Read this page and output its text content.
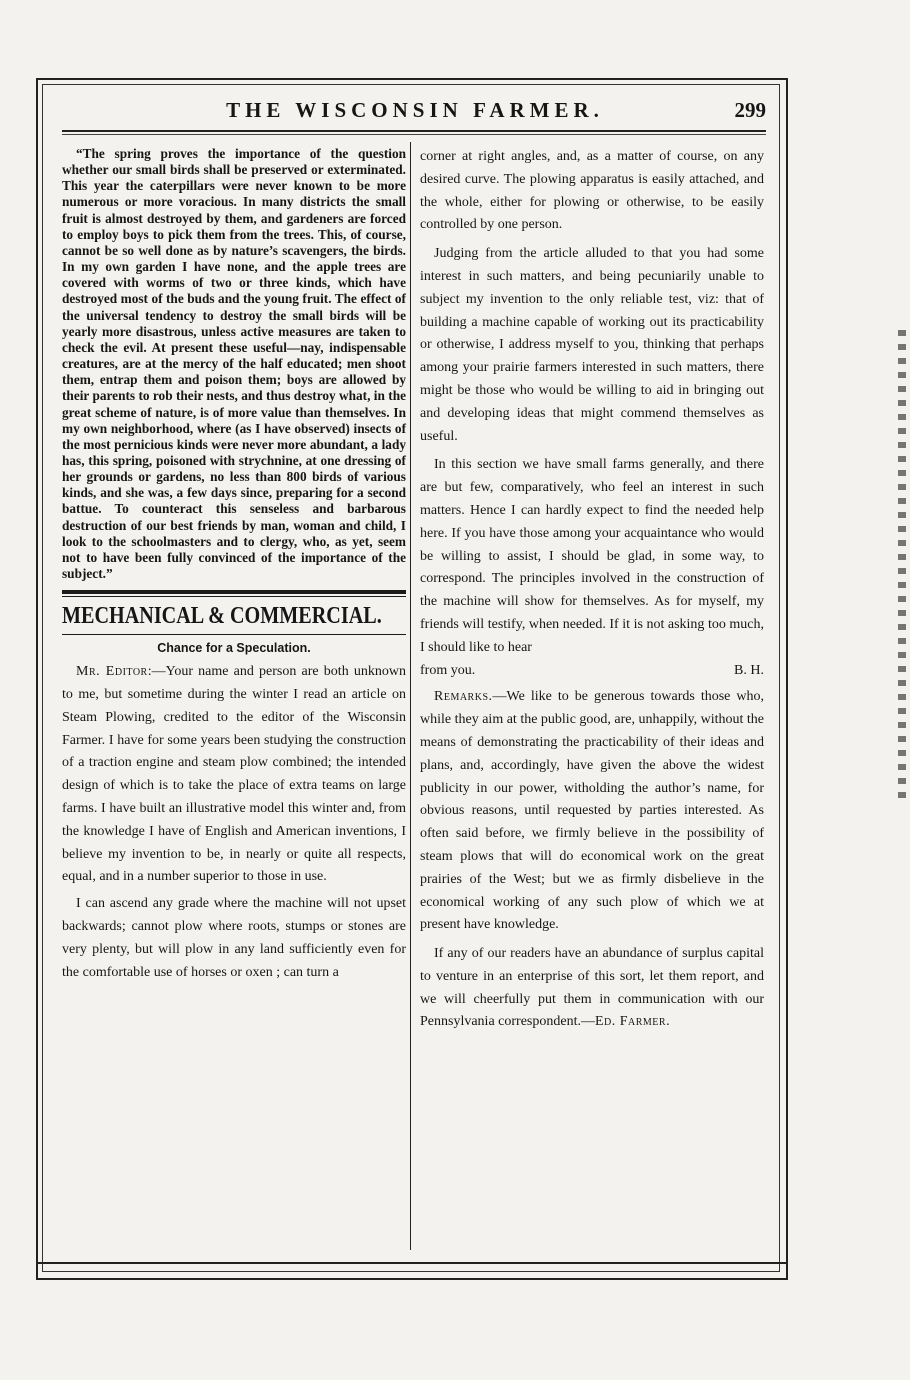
THE WISCONSIN FARMER.	299

“The spring proves the importance of the question whether our small birds shall be preserved or exterminated. This year the caterpillars were never known to be more numerous or more voracious. In many districts the small fruit is almost destroyed by them, and gardeners are forced to employ boys to pick them from the trees. This, of course, cannot be so well done as by nature’s scavengers, the birds. In my own garden I have none, and the apple trees are covered with worms of two or three kinds, which have destroyed most of the buds and the young fruit. The effect of the universal tendency to destroy the small birds will be yearly more disastrous, unless active measures are taken to check the evil. At present these useful—nay, indispensable creatures, are at the mercy of the half educated; men shoot them, entrap them and poison them; boys are allowed by their parents to rob their nests, and thus destroy what, in the great scheme of nature, is of more value than themselves. In my own neighborhood, where (as I have observed) insects of the most pernicious kinds were never more abundant, a lady has, this spring, poisoned with strychnine, at one dressing of her grounds or gardens, no less than 800 birds of various kinds, and she was, a few days since, preparing for a second battue. To counteract this senseless and barbarous destruction of our best friends by man, woman and child, I look to the schoolmasters and to clergy, who, as yet, seem not to have been fully convinced of the importance of the subject.”

MECHANICAL & COMMERCIAL.
Chance for a Speculation.

Mr. Editor:—Your name and person are both unknown to me, but sometime during the winter I read an article on Steam Plowing, credited to the editor of the Wisconsin Farmer. I have for some years been studying the construction of a traction engine and steam plow combined; the intended design of which is to take the place of extra teams on large farms. I have built an illustrative model this winter and, from the knowledge I have of English and American inventions, I believe my invention to be, in nearly or quite all respects, equal, and in a number superior to those in use.

I can ascend any grade where the machine will not upset backwards; cannot plow where roots, stumps or stones are very plenty, but will plow in any land sufficiently even for the comfortable use of horses or oxen ; can turn a

corner at right angles, and, as a matter of course, on any desired curve. The plowing apparatus is easily attached, and the whole, either for plowing or otherwise, to be easily controlled by one person.

Judging from the article alluded to that you had some interest in such matters, and being pecuniarily unable to subject my invention to the only reliable test, viz: that of building a machine capable of working out its practicability or otherwise, I address myself to you, thinking that perhaps among your prairie farmers interested in such matters, there might be those who would be willing to aid in bringing out and developing ideas that might commend themselves as useful.

In this section we have small farms generally, and there are but few, comparatively, who feel an interest in such matters. Hence I can hardly expect to find the needed help here. If you have those among your acquaintance who would be willing to assist, I should be glad, in some way, to correspond. The principles involved in the construction of the machine will show for themselves. As for myself, my friends will testify, when needed. If it is not asking too much, I should like to hear

from you.	B. H.

Remarks.—We like to be generous towards those who, while they aim at the public good, are, unhappily, without the means of demonstrating the practicability of their ideas and plans, and, accordingly, have given the above the widest publicity in our power, witholding the author’s name, for obvious reasons, until requested by parties interested. As often said before, we firmly believe in the possibility of steam plows that will do economical work on the great prairies of the West; but we as firmly disbelieve in the economical working of any such plow of which we at present have knowledge.

If any of our readers have an abundance of surplus capital to venture in an enterprise of this sort, let them report, and we will cheerfully put them in communication with our Pennsylvania correspondent.—Ed. Farmer.
